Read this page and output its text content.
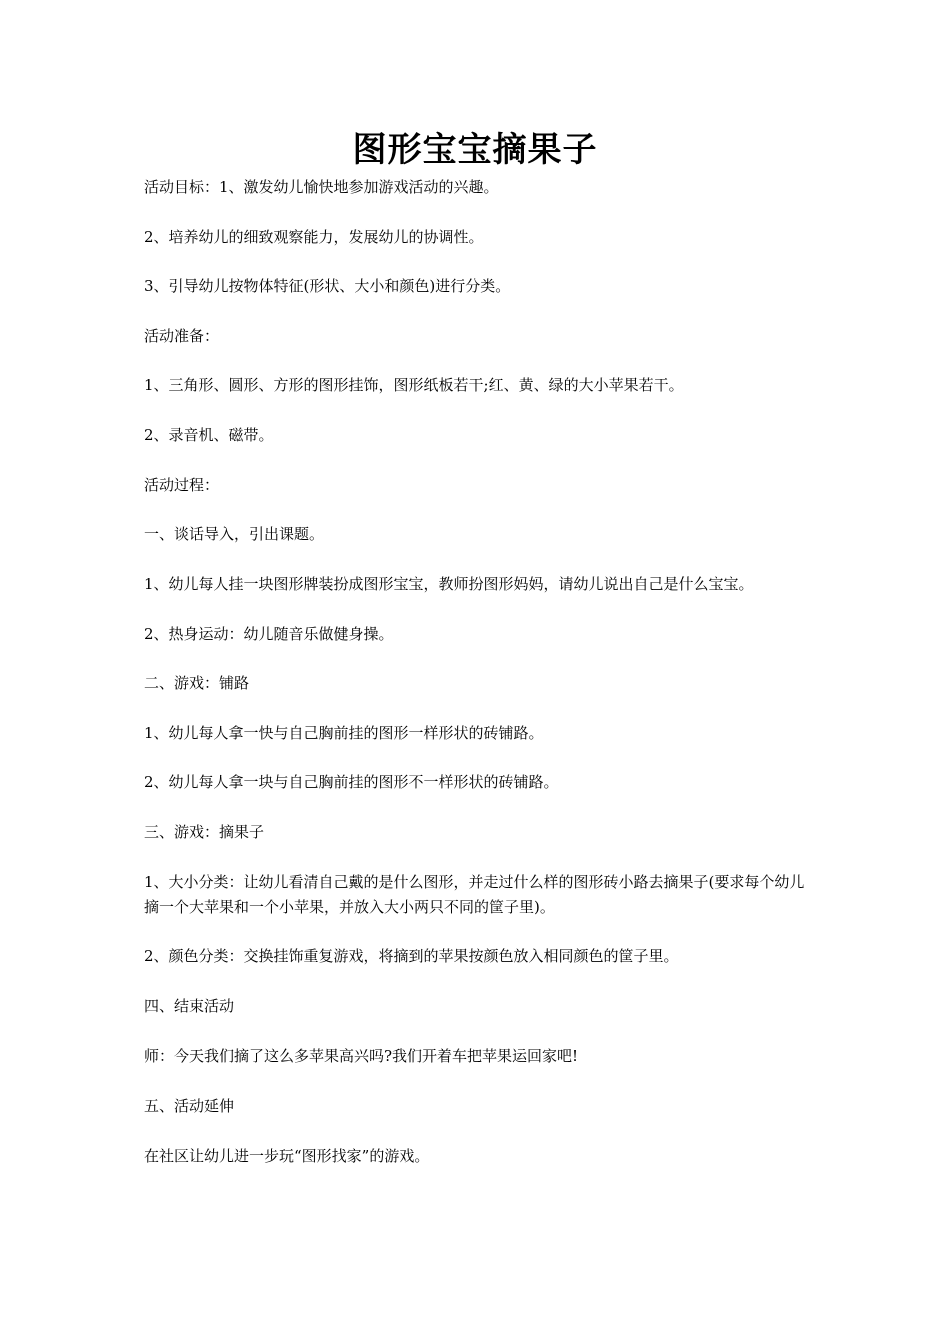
图形宝宝摘果子
活动目标：1、激发幼儿愉快地参加游戏活动的兴趣。
2、培养幼儿的细致观察能力，发展幼儿的协调性。
3、引导幼儿按物体特征(形状、大小和颜色)进行分类。
活动准备：
1、三角形、圆形、方形的图形挂饰，图形纸板若干;红、黄、绿的大小苹果若干。
2、录音机、磁带。
活动过程：
一、谈话导入，引出课题。
1、幼儿每人挂一块图形牌装扮成图形宝宝，教师扮图形妈妈，请幼儿说出自己是什么宝宝。
2、热身运动：幼儿随音乐做健身操。
二、游戏：铺路
1、幼儿每人拿一快与自己胸前挂的图形一样形状的砖铺路。
2、幼儿每人拿一块与自己胸前挂的图形不一样形状的砖铺路。
三、游戏：摘果子
1、大小分类：让幼儿看清自己戴的是什么图形，并走过什么样的图形砖小路去摘果子(要求每个幼儿摘一个大苹果和一个小苹果，并放入大小两只不同的筐子里)。
2、颜色分类：交换挂饰重复游戏，将摘到的苹果按颜色放入相同颜色的筐子里。
四、结束活动
师：今天我们摘了这么多苹果高兴吗?我们开着车把苹果运回家吧!
五、活动延伸
在社区让幼儿进一步玩“图形找家”的游戏。
